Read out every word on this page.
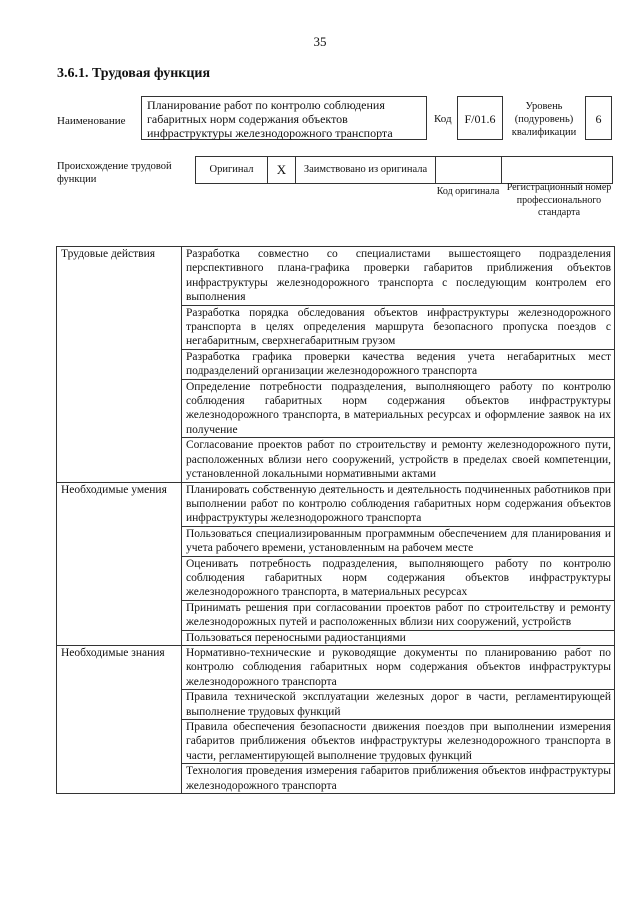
35
3.6.1. Трудовая функция
Наименование
Планирование работ по контролю соблюдения габаритных норм содержания объектов инфраструктуры железнодорожного транспорта
Код	F/01.6
Уровень (подуровень) квалификации
6
Происхождение трудовой функции
Оригинал	X	Заимствовано из оригинала
Код оригинала Регистрационный номер профессионального стандарта
Трудовые действия	Разработка совместно со специалистами вышестоящего подразделения перспективного плана-графика проверки габаритов приближения объектов инфраструктуры железнодорожного транспорта с последующим контролем его выполнения
	Разработка порядка обследования объектов инфраструктуры железнодорожного транспорта в целях определения маршрута безопасного пропуска поездов с негабаритным, сверхнегабаритным грузом
	Разработка графика проверки качества ведения учета негабаритных мест подразделений организации железнодорожного транспорта
	Определение потребности подразделения, выполняющего работу по контролю соблюдения габаритных норм содержания объектов инфраструктуры железнодорожного транспорта, в материальных ресурсах и оформление заявок на их получение
	Согласование проектов работ по строительству и ремонту железнодорожного пути, расположенных вблизи него сооружений, устройств в пределах своей компетенции, установленной локальными нормативными актами
Необходимые умения	Планировать собственную деятельность и деятельность подчиненных работников при выполнении работ по контролю соблюдения габаритных норм содержания объектов инфраструктуры железнодорожного транспорта
	Пользоваться специализированным программным обеспечением для планирования и учета рабочего времени, установленным на рабочем месте
	Оценивать потребность подразделения, выполняющего работу по контролю соблюдения габаритных норм содержания объектов инфраструктуры железнодорожного транспорта, в материальных ресурсах
	Принимать решения при согласовании проектов работ по строительству и ремонту железнодорожных путей и расположенных вблизи них сооружений, устройств
	Пользоваться переносными радиостанциями
Необходимые знания	Нормативно-технические и руководящие документы по планированию работ по контролю соблюдения габаритных норм содержания объектов инфраструктуры железнодорожного транспорта
	Правила технической эксплуатации железных дорог в части, регламентирующей выполнение трудовых функций
	Правила обеспечения безопасности движения поездов при выполнении измерения габаритов приближения объектов инфраструктуры железнодорожного транспорта в части, регламентирующей выполнение трудовых функций
	Технология проведения измерения габаритов приближения объектов инфраструктуры железнодорожного транспорта
